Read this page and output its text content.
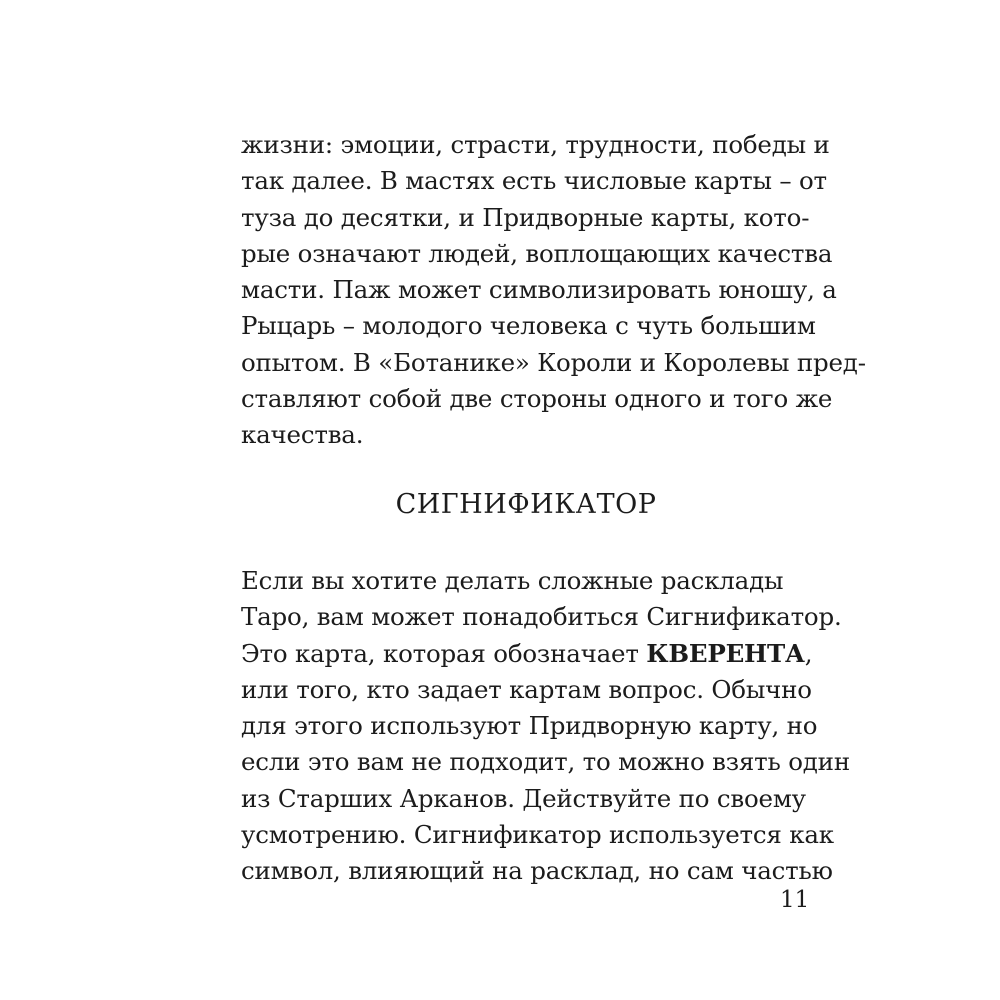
жизни: эмоции, страсти, трудности, победы и
так далее. В мастях есть числовые карты – от
туза до десятки, и Придворные карты, кото-
рые означают людей, воплощающих качества
масти. Паж может символизировать юношу, а
Рыцарь – молодого человека с чуть большим
опытом. В «Ботанике» Короли и Королевы пред-
ставляют собой две стороны одного и того же
качества.

СИГНИФИКАТОР

Если вы хотите делать сложные расклады
Таро, вам может понадобиться Сигнификатор.
Это карта, которая обозначает КВЕРЕНТА,
или того, кто задает картам вопрос. Обычно
для этого используют Придворную карту, но
если это вам не подходит, то можно взять один
из Старших Арканов. Действуйте по своему
усмотрению. Сигнификатор используется как
символ, влияющий на расклад, но сам частью

11
